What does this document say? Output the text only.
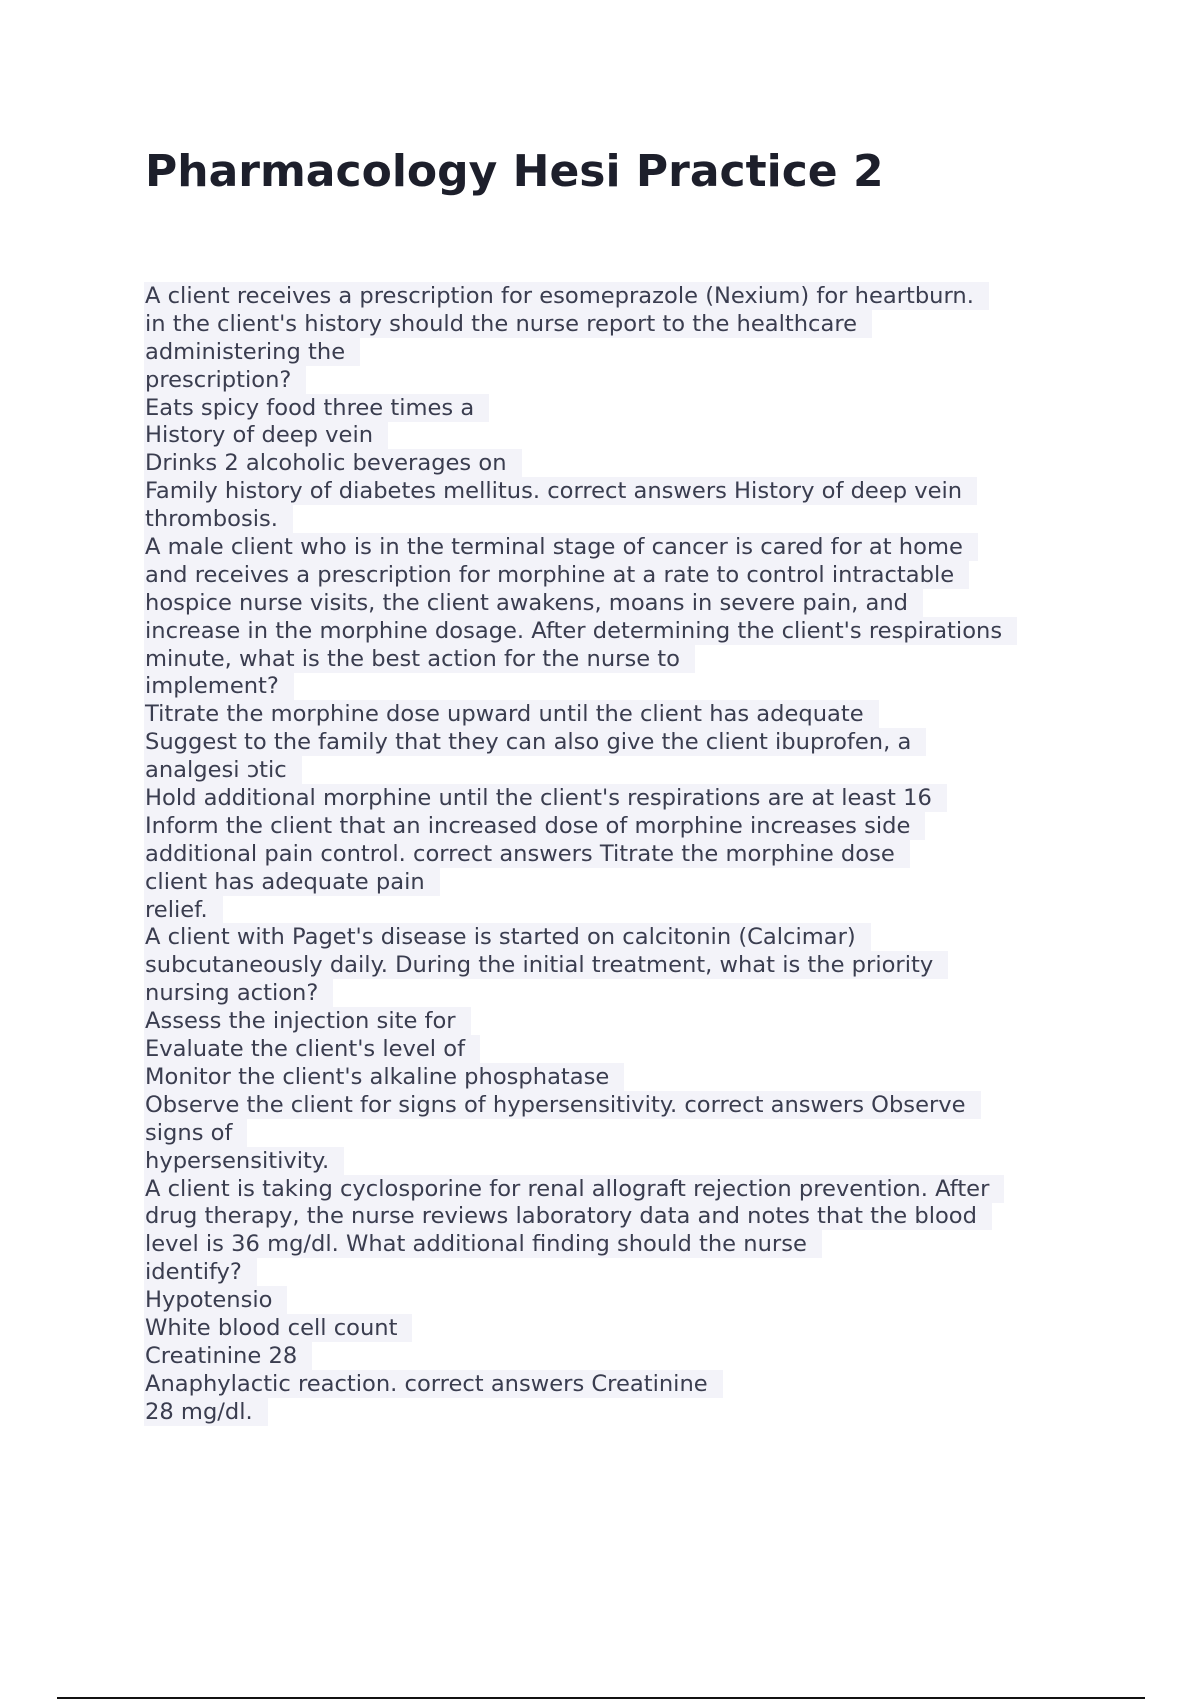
Pharmacology Hesi Practice 2
A client receives a prescription for esomeprazole (Nexium) for heartburn.
in the client's history should the nurse report to the healthcare
administering the
prescription?
Eats spicy food three times a
History of deep vein
Drinks 2 alcoholic beverages on
Family history of diabetes mellitus. correct answers History of deep vein
thrombosis.
A male client who is in the terminal stage of cancer is cared for at home
and receives a prescription for morphine at a rate to control intractable
hospice nurse visits, the client awakens, moans in severe pain, and
increase in the morphine dosage. After determining the client's respirations
minute, what is the best action for the nurse to
implement?
Titrate the morphine dose upward until the client has adequate
Suggest to the family that they can also give the client ibuprofen, a
analgesi ɔtic
Hold additional morphine until the client's respirations are at least 16
Inform the client that an increased dose of morphine increases side
additional pain control. correct answers Titrate the morphine dose
client has adequate pain
relief.
A client with Paget's disease is started on calcitonin (Calcimar)
subcutaneously daily. During the initial treatment, what is the priority
nursing action?
Assess the injection site for
Evaluate the client's level of
Monitor the client's alkaline phosphatase
Observe the client for signs of hypersensitivity. correct answers Observe
signs of
hypersensitivity.
A client is taking cyclosporine for renal allograft rejection prevention. After
drug therapy, the nurse reviews laboratory data and notes that the blood
level is 36 mg/dl. What additional finding should the nurse
identify?
Hypotensio
White blood cell count
Creatinine 28
Anaphylactic reaction. correct answers Creatinine
28 mg/dl.
